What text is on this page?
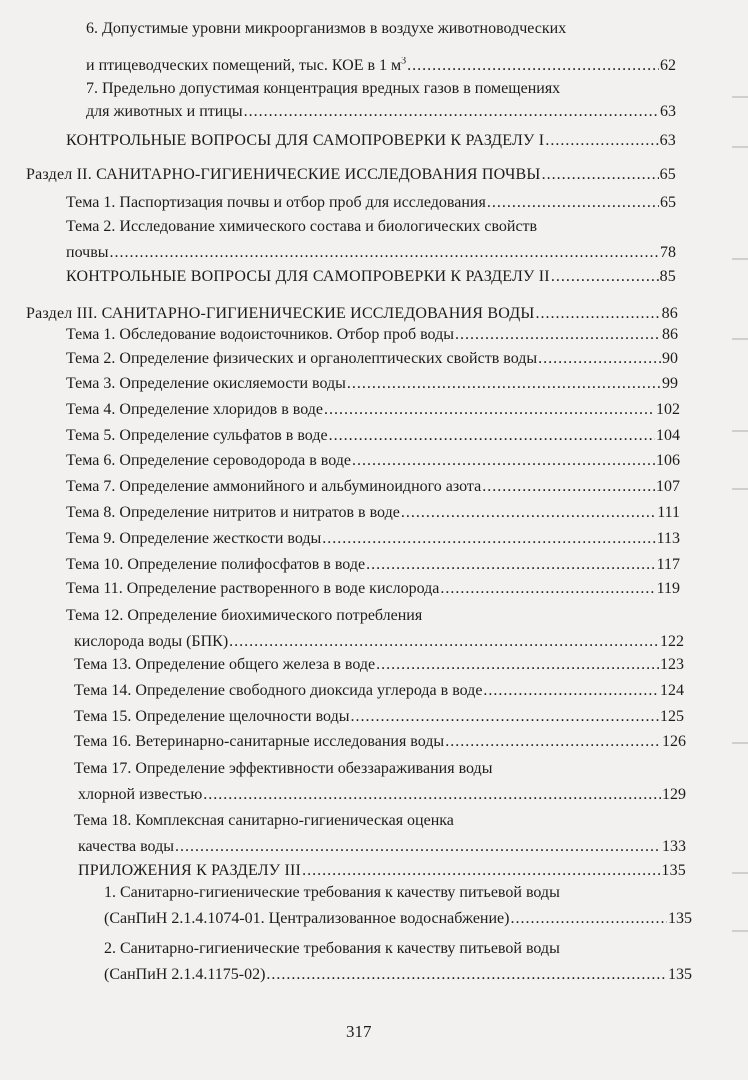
6. Допустимые уровни микроорганизмов в воздухе животноводческих
и птицеводческих помещений, тыс. КОЕ в 1 $м^3$ .....	62
7. Предельно допустимая концентрация вредных газов в помещениях
для животных и птицы .....	63
КОНТРОЛЬНЫЕ ВОПРОСЫ ДЛЯ САМОПРОВЕРКИ К РАЗДЕЛУ I .....	63
Раздел II. САНИТАРНО-ГИГИЕНИЧЕСКИЕ ИССЛЕДОВАНИЯ ПОЧВЫ .....	65
Тема 1. Паспортизация почвы и отбор проб для исследования .....	65
Тема 2. Исследование химического состава и биологических свойств
почвы .....	78
КОНТРОЛЬНЫЕ ВОПРОСЫ ДЛЯ САМОПРОВЕРКИ К РАЗДЕЛУ II .....	85
Раздел III. САНИТАРНО-ГИГИЕНИЧЕСКИЕ ИССЛЕДОВАНИЯ ВОДЫ .....	86
Тема 1. Обследование водоисточников. Отбор проб воды .....	86
Тема 2. Определение физических и органолептических свойств воды .....	90
Тема 3. Определение окисляемости воды .....	99
Тема 4. Определение хлоридов в воде .....	102
Тема 5. Определение сульфатов в воде .....	104
Тема 6. Определение сероводорода в воде .....	106
Тема 7. Определение аммонийного и альбуминоидного азота .....	107
Тема 8. Определение нитритов и нитратов в воде .....	111
Тема 9. Определение жесткости воды .....	113
Тема 10. Определение полифосфатов в воде .....	117
Тема 11. Определение растворенного в воде кислорода .....	119
Тема 12. Определение биохимического потребления
кислорода воды (БПК) .....	122
Тема 13. Определение общего железа в воде .....	123
Тема 14. Определение свободного диоксида углерода в воде .....	124
Тема 15. Определение щелочности воды .....	125
Тема 16. Ветеринарно-санитарные исследования воды .....	126
Тема 17. Определение эффективности обеззараживания воды
хлорной известью .....	129
Тема 18. Комплексная санитарно-гигиеническая оценка
качества воды .....	133
ПРИЛОЖЕНИЯ К РАЗДЕЛУ III .....	135
1. Санитарно-гигиенические требования к качеству питьевой воды
(СанПиН 2.1.4.1074-01. Централизованное водоснабжение) .....	135
2. Санитарно-гигиенические требования к качеству питьевой воды
(СанПиН 2.1.4.1175-02) .....	135
317
